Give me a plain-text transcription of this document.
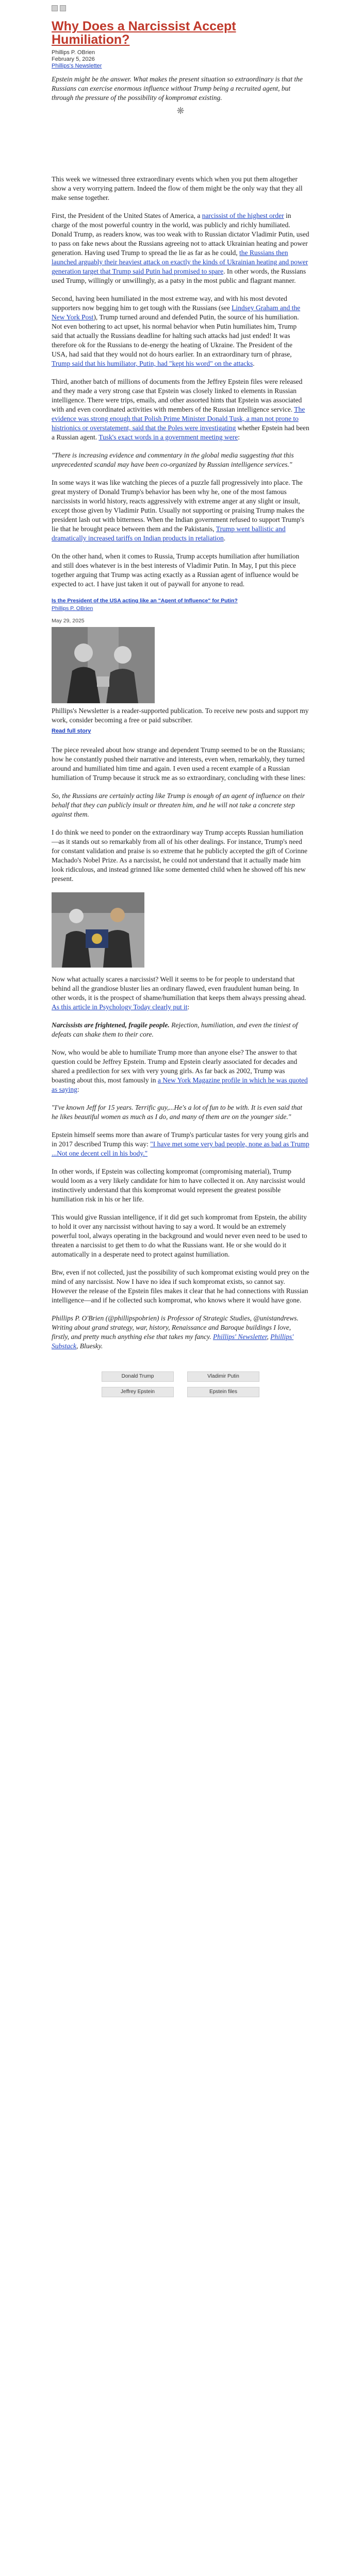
Why Does a Narcissist Accept Humiliation?
Phillips P. OBrien
February 5, 2026
Phillips's Newsletter
Epstein might be the answer. What makes the present situation so extraordinary is that the Russians can exercise enormous influence without Trump being a recruited agent, but through the pressure of the possibility of kompromat existing.
❋

This week we witnessed three extraordinary events which when you put them altogether show a very worrying pattern. Indeed the flow of them might be the only way that they all make sense together.

First, the President of the United States of America, a narcissist of the highest order in charge of the most powerful country in the world, was publicly and richly humiliated. Donald Trump, as readers know, was too weak with to Russian dictator Vladimir Putin, used to pass on fake news about the Russians agreeing not to attack Ukrainian heating and power generation. Having used Trump to spread the lie as far as he could, the Russians then launched arguably their heaviest attack on exactly the kinds of Ukrainian heating and power generation target that Trump said Putin had promised to spare. In other words, the Russians used Trump, willingly or unwillingly, as a patsy in the most public and flagrant manner.

Second, having been humiliated in the most extreme way, and with his most devoted supporters now begging him to get tough with the Russians (see Lindsey Graham and the New York Post), Trump turned around and defended Putin, the source of his humiliation. Not even bothering to act upset, his normal behavior when Putin humiliates him, Trump said that actually the Russians deadline for halting such attacks had just ended! It was therefore ok for the Russians to de-energy the heating of Ukraine. The President of the USA, had said that they would not do hours earlier. In an extraordinary turn of phrase, Trump said that his humiliator, Putin, had "kept his word" on the attacks.

Third, another batch of millions of documents from the Jeffrey Epstein files were released and they made a very strong case that Epstein was closely linked to elements in Russian intelligence. There were trips, emails, and other assorted hints that Epstein was associated with and even coordinated activities with members of the Russian intelligence service. The evidence was strong enough that Polish Prime Minister Donald Tusk, a man not prone to histrionics or overstatement, said that the Poles were investigating whether Epstein had been a Russian agent. Tusk's exact words in a government meeting were:

"There is increasing evidence and commentary in the global media suggesting that this unprecedented scandal may have been co-organized by Russian intelligence services."

In some ways it was like watching the pieces of a puzzle fall progressively into place. The great mystery of Donald Trump's behavior has been why he, one of the most famous narcissists in world history, reacts aggressively with extreme anger at any slight or insult, except those given by Vladimir Putin. Usually not supporting or praising Trump makes the president lash out with bitterness. When the Indian government refused to support Trump's lie that he brought peace between them and the Pakistanis, Trump went ballistic and dramatically increased tariffs on Indian products in retaliation.

On the other hand, when it comes to Russia, Trump accepts humiliation after humiliation and still does whatever is in the best interests of Vladimir Putin. In May, I put this piece together arguing that Trump was acting exactly as a Russian agent of influence would be expected to act. I have just taken it out of paywall for anyone to read.

Is the President of the USA acting like an "Agent of Influence" for Putin?
Phillips P. OBrien
May 29, 2025

Phillips's Newsletter is a reader-supported publication. To receive new posts and support my work, consider becoming a free or paid subscriber.

Read full story

The piece revealed about how strange and dependent Trump seemed to be on the Russians; how he constantly pushed their narrative and interests, even when, remarkably, they turned around and humiliated him time and again. I even used a recent example of a Russian humiliation of Trump because it struck me as so extraordinary, concluding with these lines:

So, the Russians are certainly acting like Trump is enough of an agent of influence on their behalf that they can publicly insult or threaten him, and he will not take a concrete step against them.

I do think we need to ponder on the extraordinary way Trump accepts Russian humiliation—as it stands out so remarkably from all of his other dealings. For instance, Trump's need for constant validation and praise is so extreme that he publicly accepted the gift of Corinne Machado's Nobel Prize. As a narcissist, he could not understand that it actually made him look ridiculous, and instead grinned like some demented child when he showed off his new present.

Now what actually scares a narcissist? Well it seems to be for people to understand that behind all the grandiose bluster lies an ordinary flawed, even fraudulent human being. In other words, it is the prospect of shame/humiliation that keeps them always pressing ahead. As this article in Psychology Today clearly put it:

Narcissists are frightened, fragile people. Rejection, humiliation, and even the tiniest of defeats can shake them to their core.

Now, who would be able to humiliate Trump more than anyone else? The answer to that question could be Jeffrey Epstein. Trump and Epstein clearly associated for decades and shared a predilection for sex with very young girls. As far back as 2002, Trump was boasting about this, most famously in a New York Magazine profile in which he was quoted as saying:

"I've known Jeff for 15 years. Terrific guy,...He's a lot of fun to be with. It is even said that he likes beautiful women as much as I do, and many of them are on the younger side."

Epstein himself seems more than aware of Trump's particular tastes for very young girls and in 2017 described Trump this way: "I have met some very bad people, none as bad as Trump ...Not one decent cell in his body."

In other words, if Epstein was collecting kompromat (compromising material), Trump would loom as a very likely candidate for him to have collected it on. Any narcissist would instinctively understand that this kompromat would represent the greatest possible humiliation risk in his or her life.

This would give Russian intelligence, if it did get such kompromat from Epstein, the ability to hold it over any narcissist without having to say a word. It would be an extremely powerful tool, always operating in the background and would never even need to be used to threaten a narcissist to get them to do what the Russians want. He or she would do it automatically in a desperate need to protect against humiliation.

Btw, even if not collected, just the possibility of such kompromat existing would prey on the mind of any narcissist. Now I have no idea if such kompromat exists, so cannot say. However the release of the Epstein files makes it clear that he had connections with Russian intelligence—and if he collected such kompromat, who knows where it would have gone.

Phillips P. O'Brien (@phillipspobrien) is Professor of Strategic Studies, @unistandrews. Writing about grand strategy, war, history, Renaissance and Baroque buildings I love, firstly, and pretty much anything else that takes my fancy. Phillips' Newsletter, Phillips' Substack, Bluesky.

Donald Trump	Vladimir Putin
Jeffrey Epstein	Epstein files
